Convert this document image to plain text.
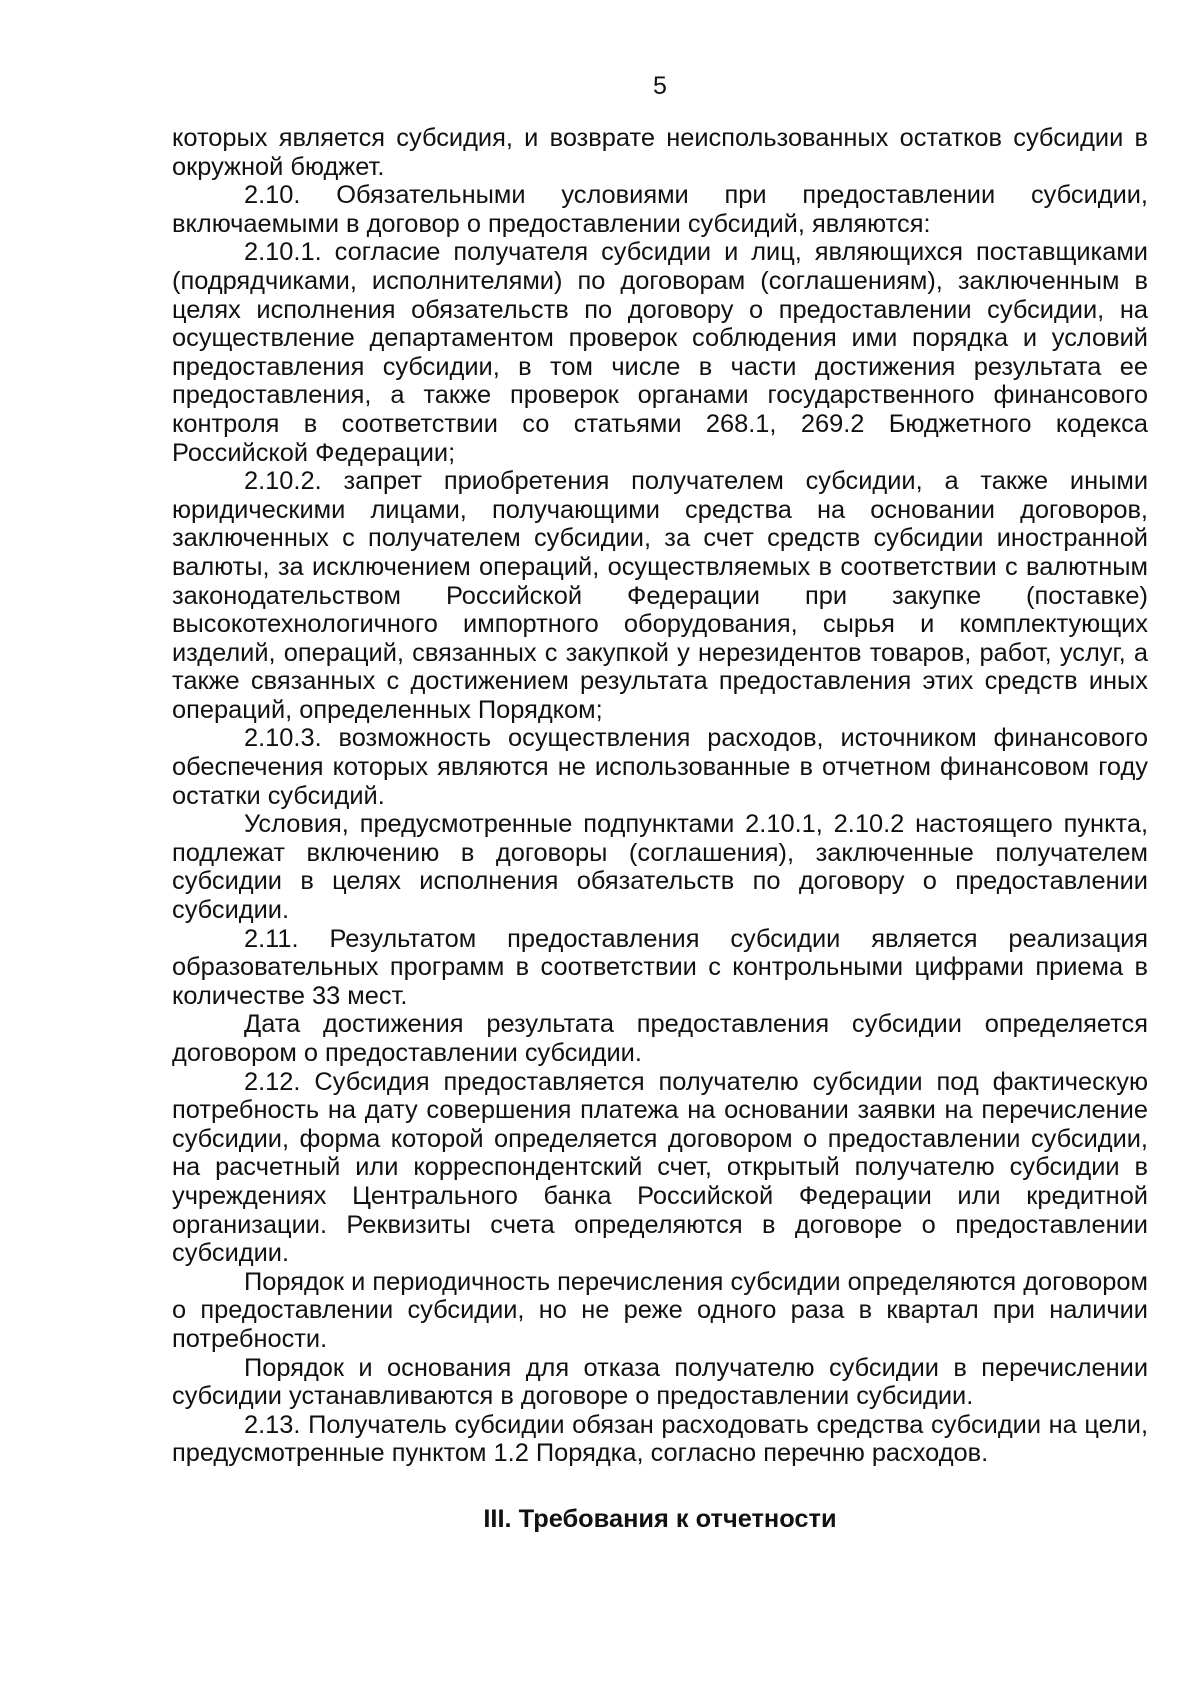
5

которых является субсидия, и возврате неиспользованных остатков субсидии в окружной бюджет.

2.10. Обязательными условиями при предоставлении субсидии, включаемыми в договор о предоставлении субсидий, являются:

2.10.1. согласие получателя субсидии и лиц, являющихся поставщиками (подрядчиками, исполнителями) по договорам (соглашениям), заключенным в целях исполнения обязательств по договору о предоставлении субсидии, на осуществление департаментом проверок соблюдения ими порядка и условий предоставления субсидии, в том числе в части достижения результата ее предоставления, а также проверок органами государственного финансового контроля в соответствии со статьями 268.1, 269.2 Бюджетного кодекса Российской Федерации;

2.10.2. запрет приобретения получателем субсидии, а также иными юридическими лицами, получающими средства на основании договоров, заключенных с получателем субсидии, за счет средств субсидии иностранной валюты, за исключением операций, осуществляемых в соответствии с валютным законодательством Российской Федерации при закупке (поставке) высокотехнологичного импортного оборудования, сырья и комплектующих изделий, операций, связанных с закупкой у нерезидентов товаров, работ, услуг, а также связанных с достижением результата предоставления этих средств иных операций, определенных Порядком;

2.10.3. возможность осуществления расходов, источником финансового обеспечения которых являются не использованные в отчетном финансовом году остатки субсидий.

Условия, предусмотренные подпунктами 2.10.1, 2.10.2 настоящего пункта, подлежат включению в договоры (соглашения), заключенные получателем субсидии в целях исполнения обязательств по договору о предоставлении субсидии.

2.11. Результатом предоставления субсидии является реализация образовательных программ в соответствии с контрольными цифрами приема в количестве 33 мест.

Дата достижения результата предоставления субсидии определяется договором о предоставлении субсидии.

2.12. Субсидия предоставляется получателю субсидии под фактическую потребность на дату совершения платежа на основании заявки на перечисление субсидии, форма которой определяется договором о предоставлении субсидии, на расчетный или корреспондентский счет, открытый получателю субсидии в учреждениях Центрального банка Российской Федерации или кредитной организации. Реквизиты счета определяются в договоре о предоставлении субсидии.

Порядок и периодичность перечисления субсидии определяются договором о предоставлении субсидии, но не реже одного раза в квартал при наличии потребности.

Порядок и основания для отказа получателю субсидии в перечислении субсидии устанавливаются в договоре о предоставлении субсидии.

2.13. Получатель субсидии обязан расходовать средства субсидии на цели, предусмотренные пунктом 1.2 Порядка, согласно перечню расходов.

III. Требования к отчетности
